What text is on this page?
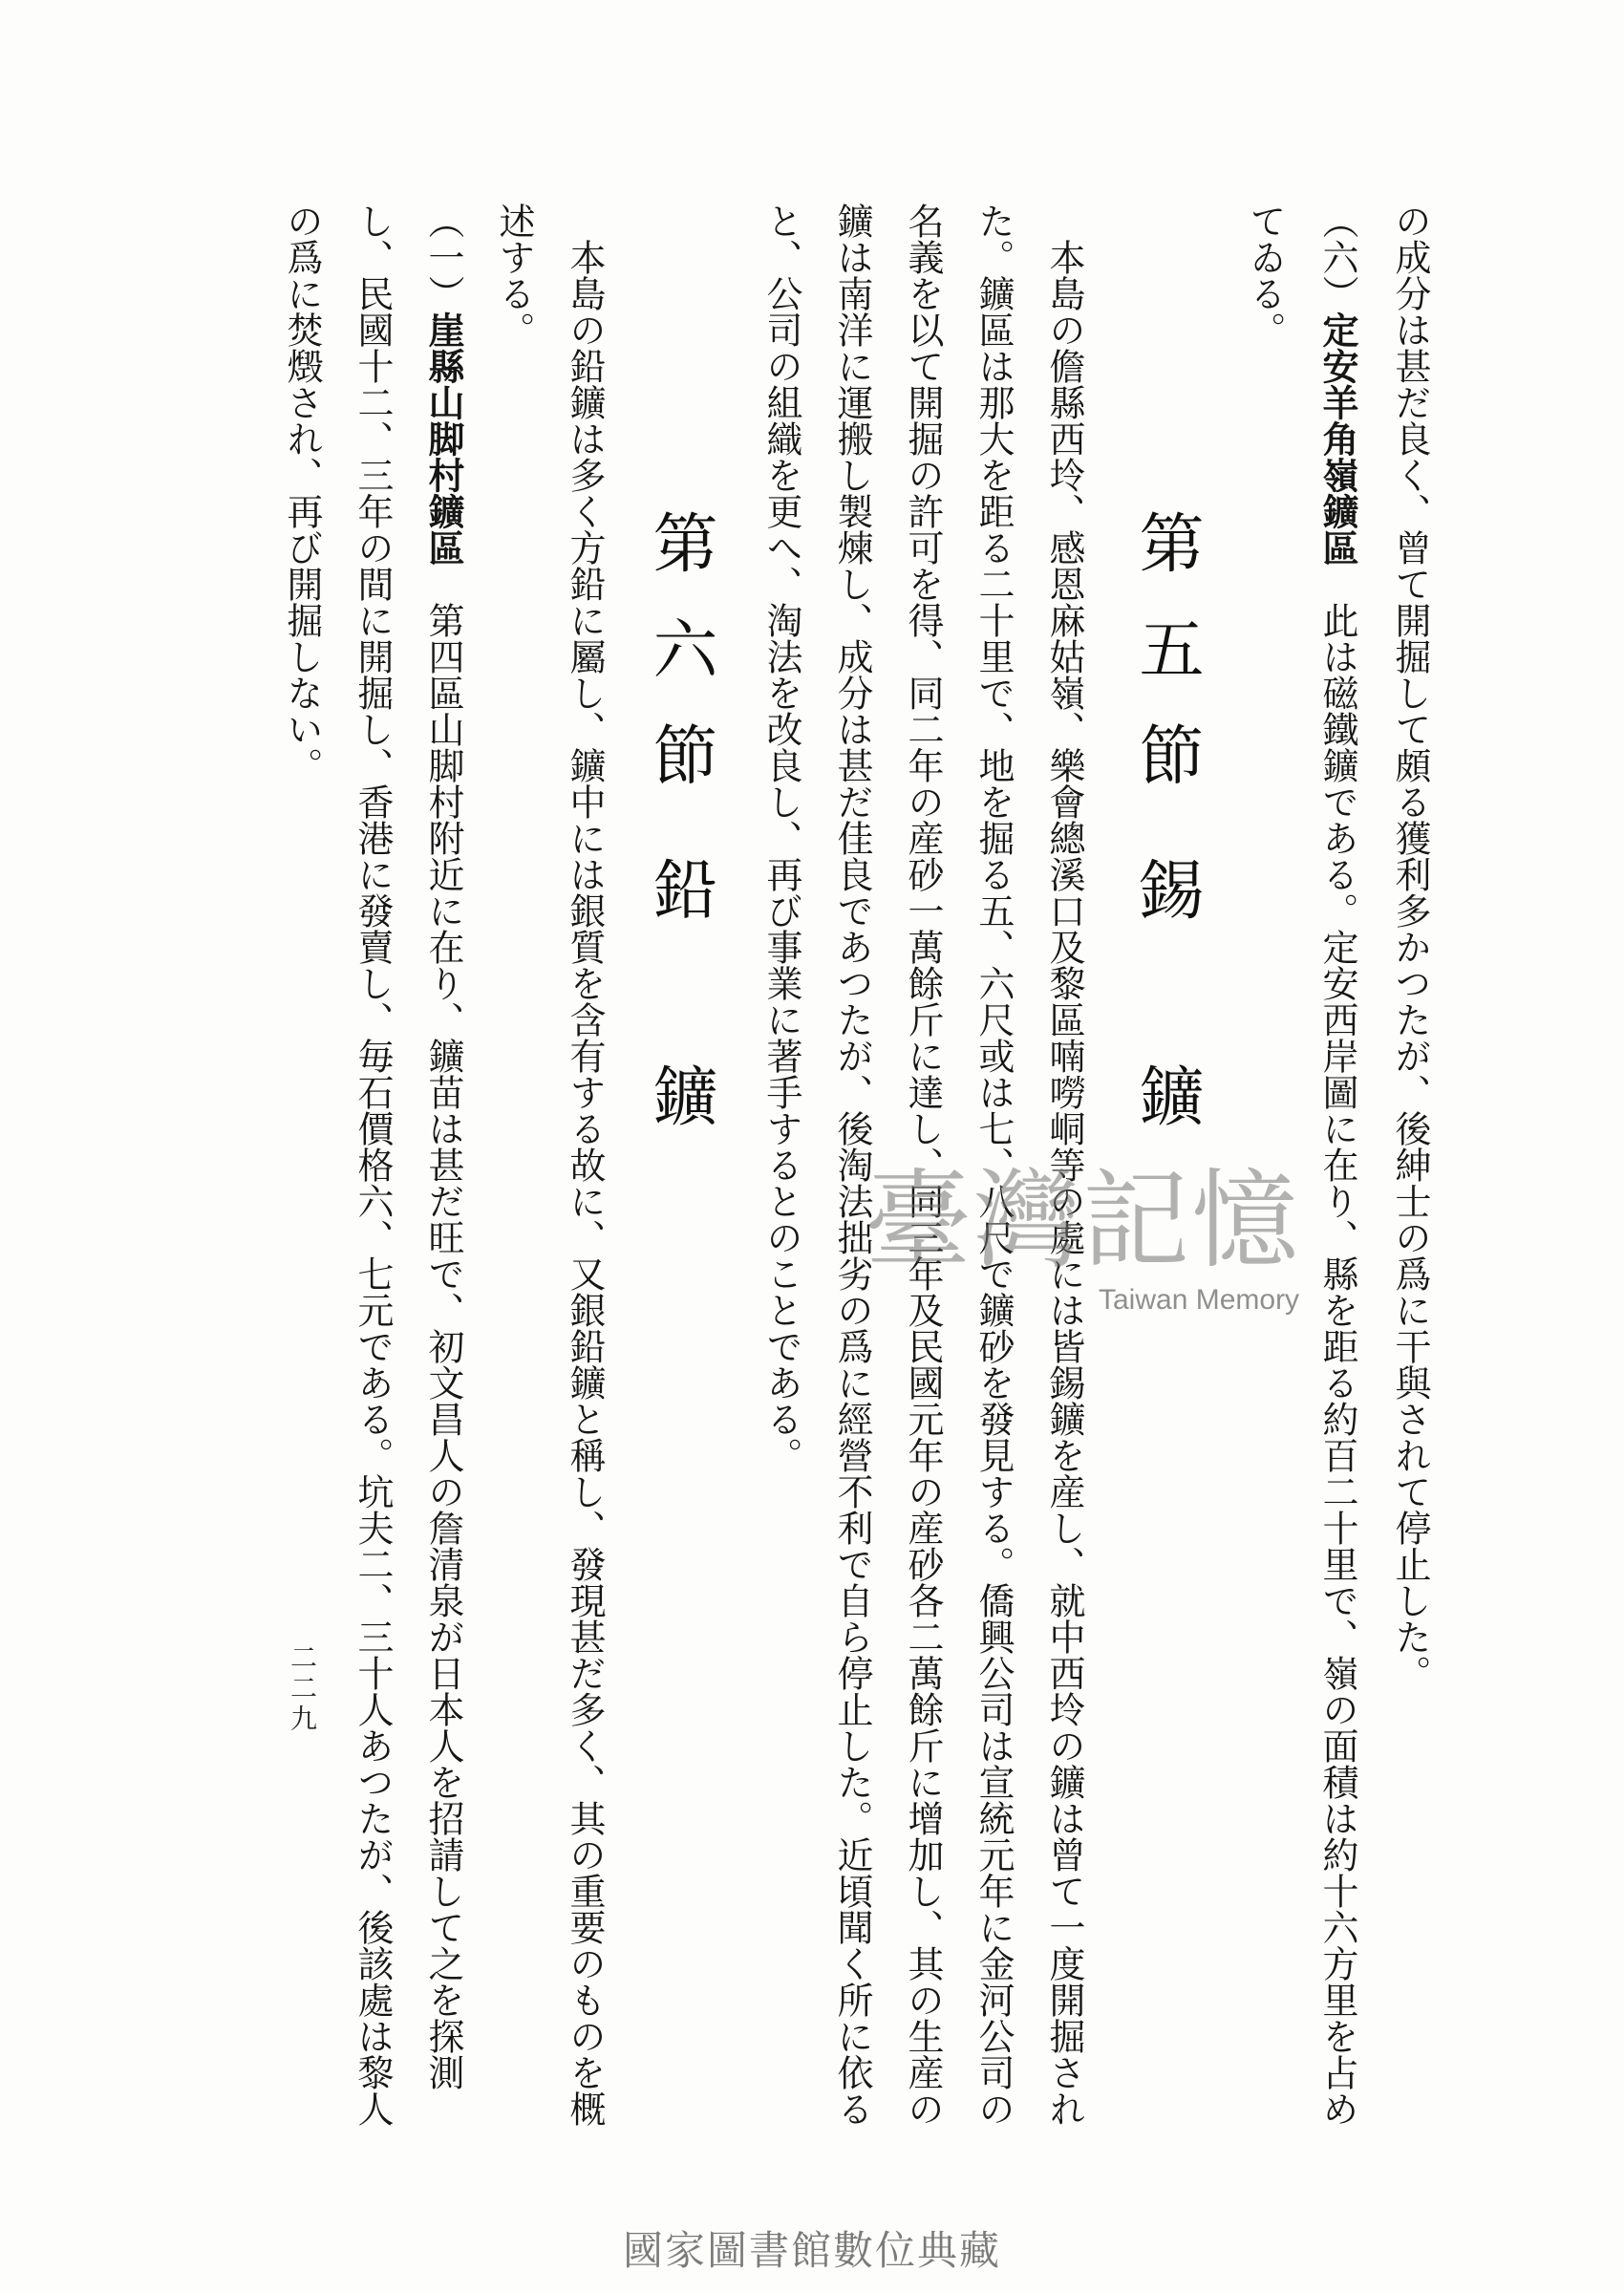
の成分は甚だ良く、曾て開掘して頗る獲利多かつたが、後紳士の爲に干與されて停止した。
（六）定安羊角嶺鑛區此は磁鐵鑛である。定安西岸圖に在り、縣を距る約百二十里で、嶺の面積は約十六方里を占め
てゐる。
第五節
錫鑛
本島の儋縣西坽、感恩麻姑嶺、樂會總溪口及黎區喃嘮峒等の處には皆錫鑛を産し、就中西坽の鑛は曾て一度開掘され
た。鑛區は那大を距る二十里で、地を掘る五、六尺或は七、八尺で鑛砂を發見する。僑興公司は宣統元年に金河公司の
名義を以て開掘の許可を得、同二年の産砂一萬餘斤に達し、同三年及民國元年の産砂各二萬餘斤に增加し、其の生産の
鑛は南洋に運搬し製煉し、成分は甚だ佳良であつたが、後淘法拙劣の爲に經營不利で自ら停止した。近頃聞く所に依る
と、公司の組織を更へ、淘法を改良し、再び事業に著手するとのことである。
第六節
鉛鑛
本島の鉛鑛は多く方鉛に屬し、鑛中には銀質を含有する故に、又銀鉛鑛と稱し、發現甚だ多く、其の重要のものを概
述する。
（一）崖縣山脚村鑛區第四區山脚村附近に在り、鑛苗は甚だ旺で、初文昌人の詹清泉が日本人を招請して之を探測
し、民國十二、三年の間に開掘し、香港に發賣し、毎石價格六、七元である。坑夫二、三十人あつたが、後該處は黎人
の爲に焚燬され、再び開掘しない。
二二九
臺灣記憶
Taiwan Memory
國家圖書館數位典藏
